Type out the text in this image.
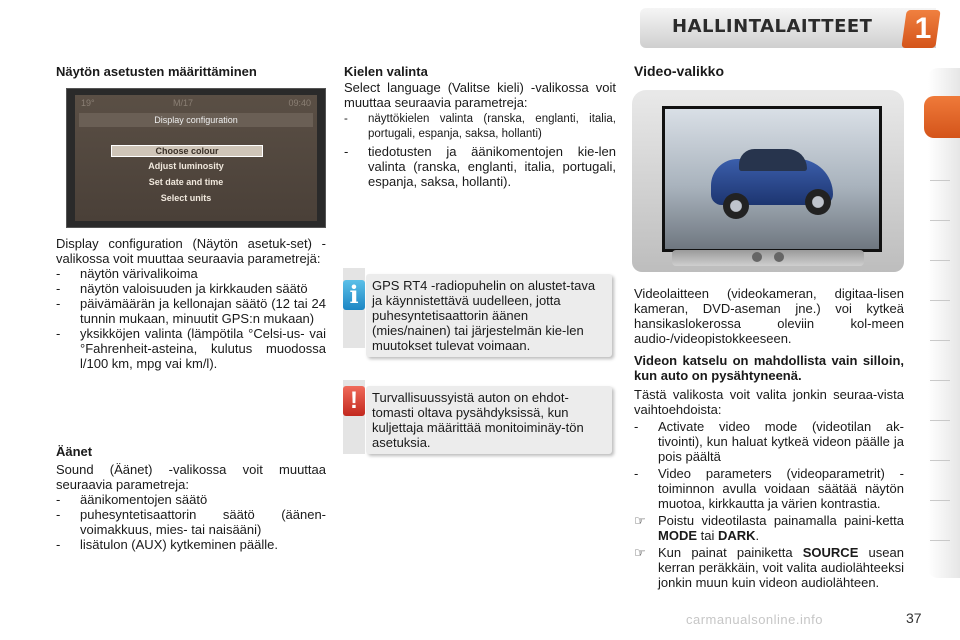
HALLINTALAITTEET 1
Näytön asetusten määrittäminen
19°	M/17	09:40
Display configuration
Choose colour
Adjust luminosity
Set date and time
Select units

Display configuration (Näytön asetuk-set) -valikossa voit muuttaa seuraavia parametrejä:

- näytön värivalikoima

- näytön valoisuuden ja kirkkauden säätö

- päivämäärän ja kellonajan säätö (12 tai 24 tunnin mukaan, minuutit GPS:n mukaan)

- yksikköjen valinta (lämpötila °Celsi-us- vai °Fahrenheit-asteina, kulutus muodossa l/100 km, mpg vai km/l).

Äänet

Sound (Äänet) -valikossa voit muuttaa seuraavia parametreja:

- äänikomentojen säätö

- puhesyntetisaattorin säätö (äänen-voimakkuus, mies- tai naisääni)

- lisätulon (AUX) kytkeminen päälle.

Kielen valinta

Select language (Valitse kieli) -valikossa voit muuttaa seuraavia parametreja:

- näyttökielen valinta (ranska, englanti, italia, portugali, espanja, saksa, hollanti)

- tiedotusten ja äänikomentojen kie-len valinta (ranska, englanti, italia, portugali, espanja, saksa, hollanti).

i	GPS RT4 -radiopuhelin on alustet-tava ja käynnistettävä uudelleen, jotta puhesyntetisaattorin äänen (mies/nainen) tai järjestelmän kie-len muutokset tulevat voimaan.
!	Turvallisuussyistä auton on ehdot-tomasti oltava pysähdyksissä, kun kuljettaja määrittää monitoiminäy-tön asetuksia.
Video-valikko

Videolaitteen (videokameran, digitaa-lisen kameran, DVD-aseman jne.) voi kytkeä hansikaslokerossa oleviin kol-meen audio-/videopistokkeeseen.

Videon katselu on mahdollista vain silloin, kun auto on pysähtyneenä.

Tästä valikosta voit valita jonkin seuraa-vista vaihtoehdoista:

- Activate video mode (videotilan ak-tivointi), kun haluat kytkeä videon päälle ja pois päältä

- Video parameters (videoparametrit) -toiminnon avulla voidaan säätää näytön muotoa, kirkkautta ja värien kontrastia.

☞ Poistu videotilasta painamalla paini-ketta MODE tai DARK.

☞ Kun painat painiketta SOURCE usean kerran peräkkäin, voit valita audiolähteeksi jonkin muun kuin videon audiolähteen.

carmanualsonline.info	37
